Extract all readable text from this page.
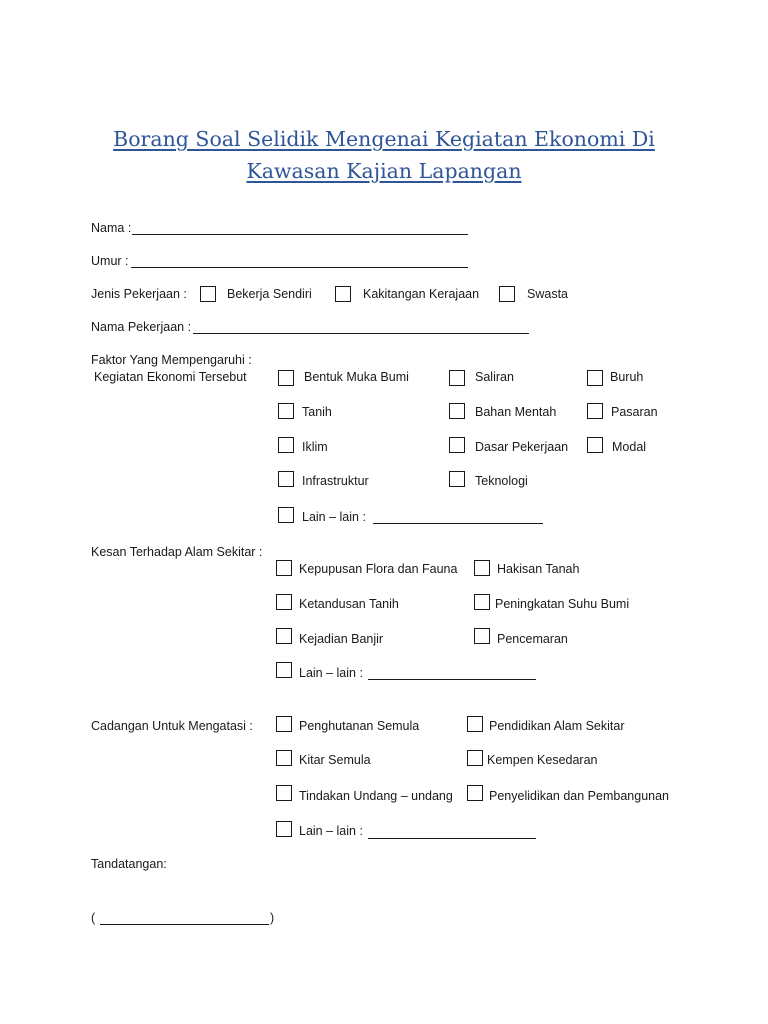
Borang Soal Selidik Mengenai Kegiatan Ekonomi Di
Kawasan Kajian Lapangan
Nama :
Umur :
Jenis Pekerjaan :	Bekerja Sendiri	Kakitangan Kerajaan	Swasta
Nama Pekerjaan :
Faktor Yang Mempengaruhi :
Kegiatan Ekonomi Tersebut	Bentuk Muka Bumi	Saliran	Buruh
Tanih	Bahan Mentah	Pasaran
Iklim	Dasar Pekerjaan	Modal
Infrastruktur	Teknologi
Lain – lain :
Kesan Terhadap Alam Sekitar :
Kepupusan Flora dan Fauna	Hakisan Tanah
Ketandusan Tanih	Peningkatan Suhu Bumi
Kejadian Banjir	Pencemaran
Lain – lain :
Cadangan Untuk Mengatasi :	Penghutanan Semula	Pendidikan Alam Sekitar
Kitar Semula	Kempen Kesedaran
Tindakan Undang – undang	Penyelidikan dan Pembangunan
Lain – lain :
Tandatangan:
(	)
